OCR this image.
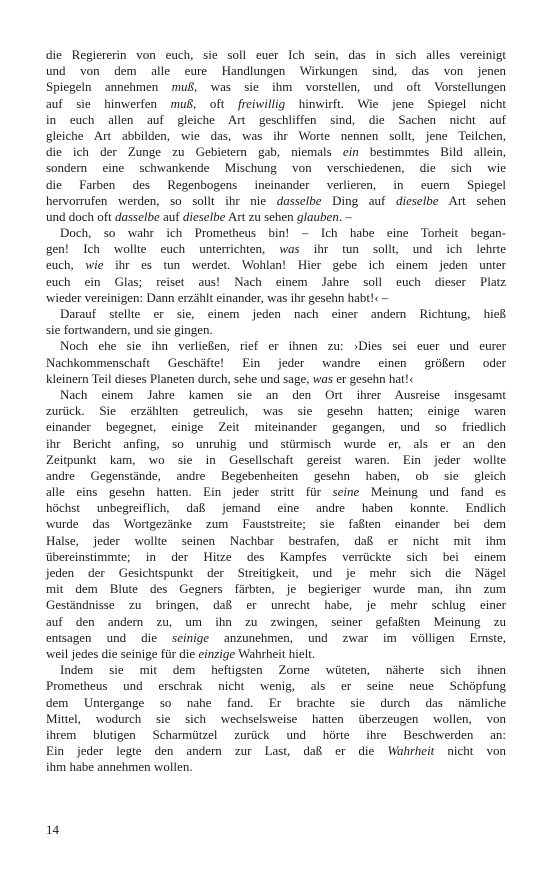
die Regiererin von euch, sie soll euer Ich sein, das in sich alles vereinigt
und von dem alle eure Handlungen Wirkungen sind, das von jenen
Spiegeln annehmen muß, was sie ihm vorstellen, und oft Vorstellungen
auf sie hinwerfen muß, oft freiwillig hinwirft. Wie jene Spiegel nicht
in euch allen auf gleiche Art geschliffen sind, die Sachen nicht auf
gleiche Art abbilden, wie das, was ihr Worte nennen sollt, jene Teilchen,
die ich der Zunge zu Gebietern gab, niemals ein bestimmtes Bild allein,
sondern eine schwankende Mischung von verschiedenen, die sich wie
die Farben des Regenbogens ineinander verlieren, in euern Spiegel
hervorrufen werden, so sollt ihr nie dasselbe Ding auf dieselbe Art sehen
und doch oft dasselbe auf dieselbe Art zu sehen glauben. –
Doch, so wahr ich Prometheus bin! – Ich habe eine Torheit began-
gen! Ich wollte euch unterrichten, was ihr tun sollt, und ich lehrte
euch, wie ihr es tun werdet. Wohlan! Hier gebe ich einem jeden unter
euch ein Glas; reiset aus! Nach einem Jahre soll euch dieser Platz
wieder vereinigen: Dann erzählt einander, was ihr gesehn habt!‹ –
Darauf stellte er sie, einem jeden nach einer andern Richtung, hieß
sie fortwandern, und sie gingen.
Noch ehe sie ihn verließen, rief er ihnen zu: ›Dies sei euer und eurer
Nachkommenschaft Geschäfte! Ein jeder wandre einen größern oder
kleinern Teil dieses Planeten durch, sehe und sage, was er gesehn hat!‹
Nach einem Jahre kamen sie an den Ort ihrer Ausreise insgesamt
zurück. Sie erzählten getreulich, was sie gesehn hatten; einige waren
einander begegnet, einige Zeit miteinander gegangen, und so friedlich
ihr Bericht anfing, so unruhig und stürmisch wurde er, als er an den
Zeitpunkt kam, wo sie in Gesellschaft gereist waren. Ein jeder wollte
andre Gegenstände, andre Begebenheiten gesehn haben, ob sie gleich
alle eins gesehn hatten. Ein jeder stritt für seine Meinung und fand es
höchst unbegreiflich, daß jemand eine andre haben konnte. Endlich
wurde das Wortgezänke zum Fauststreite; sie faßten einander bei dem
Halse, jeder wollte seinen Nachbar bestrafen, daß er nicht mit ihm
übereinstimmte; in der Hitze des Kampfes verrückte sich bei einem
jeden der Gesichtspunkt der Streitigkeit, und je mehr sich die Nägel
mit dem Blute des Gegners färbten, je begieriger wurde man, ihn zum
Geständnisse zu bringen, daß er unrecht habe, je mehr schlug einer
auf den andern zu, um ihn zu zwingen, seiner gefaßten Meinung zu
entsagen und die seinige anzunehmen, und zwar im völligen Ernste,
weil jedes die seinige für die einzige Wahrheit hielt.
Indem sie mit dem heftigsten Zorne wüteten, näherte sich ihnen
Prometheus und erschrak nicht wenig, als er seine neue Schöpfung
dem Untergange so nahe fand. Er brachte sie durch das nämliche
Mittel, wodurch sie sich wechselsweise hatten überzeugen wollen, von
ihrem blutigen Scharmützel zurück und hörte ihre Beschwerden an:
Ein jeder legte den andern zur Last, daß er die Wahrheit nicht von
ihm habe annehmen wollen.
14
